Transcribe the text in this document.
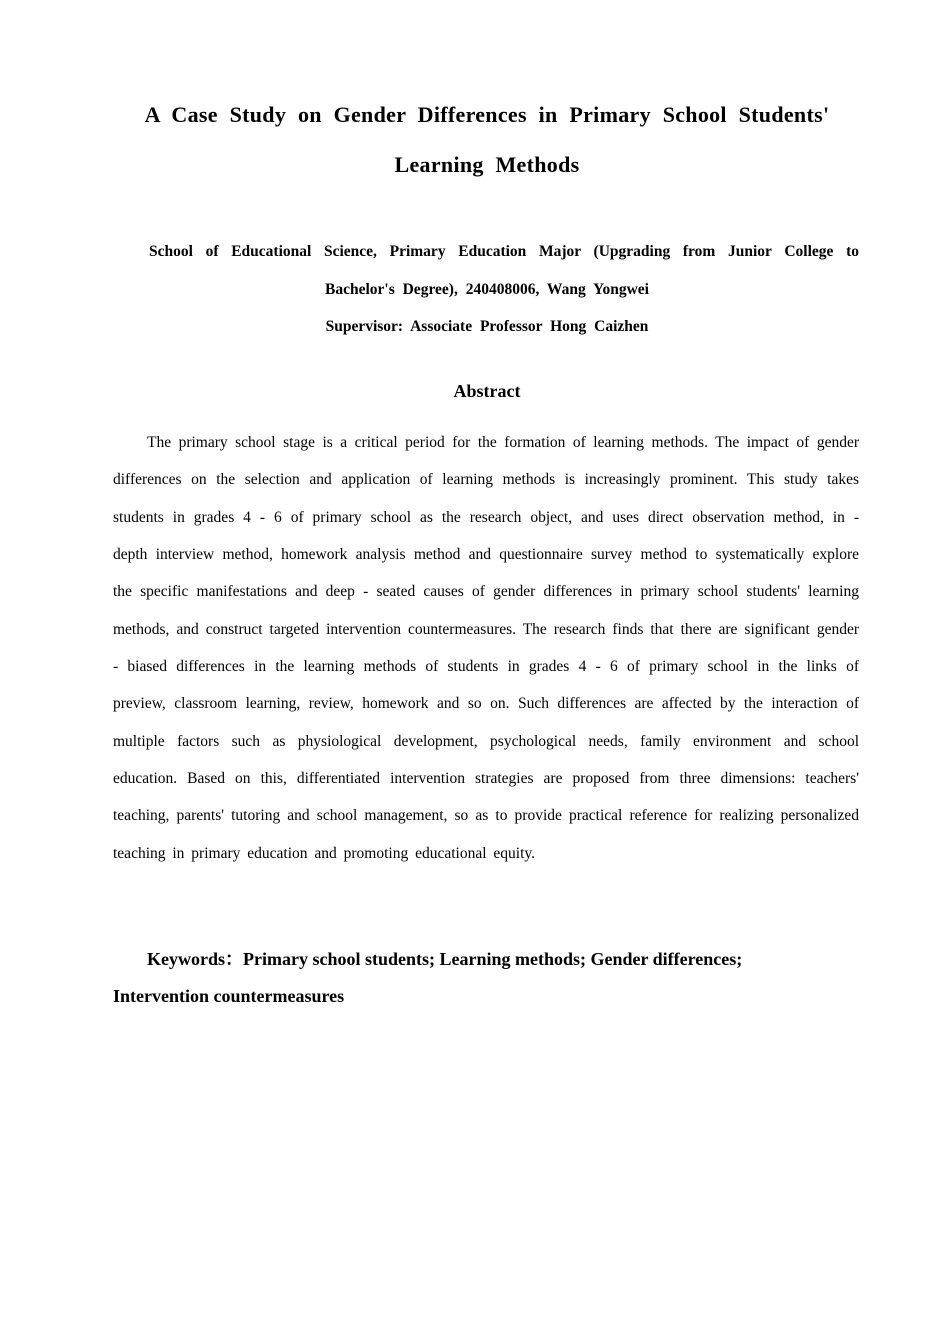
A Case Study on Gender Differences in Primary School Students'
Learning Methods
School of Educational Science, Primary Education Major (Upgrading from Junior College to
Bachelor's Degree), 240408006, Wang Yongwei
Supervisor: Associate Professor Hong Caizhen
Abstract

The primary school stage is a critical period for the formation of learning methods. The impact of gender differences on the selection and application of learning methods is increasingly prominent. This study takes students in grades 4 - 6 of primary school as the research object, and uses direct observation method, in - depth interview method, homework analysis method and questionnaire survey method to systematically explore the specific manifestations and deep - seated causes of gender differences in primary school students' learning methods, and construct targeted intervention countermeasures. The research finds that there are significant gender - biased differences in the learning methods of students in grades 4 - 6 of primary school in the links of preview, classroom learning, review, homework and so on. Such differences are affected by the interaction of multiple factors such as physiological development, psychological needs, family environment and school education. Based on this, differentiated intervention strategies are proposed from three dimensions: teachers' teaching, parents' tutoring and school management, so as to provide practical reference for realizing personalized teaching in primary education and promoting educational equity.

Keywords：Primary school students; Learning methods; Gender differences; Intervention countermeasures
